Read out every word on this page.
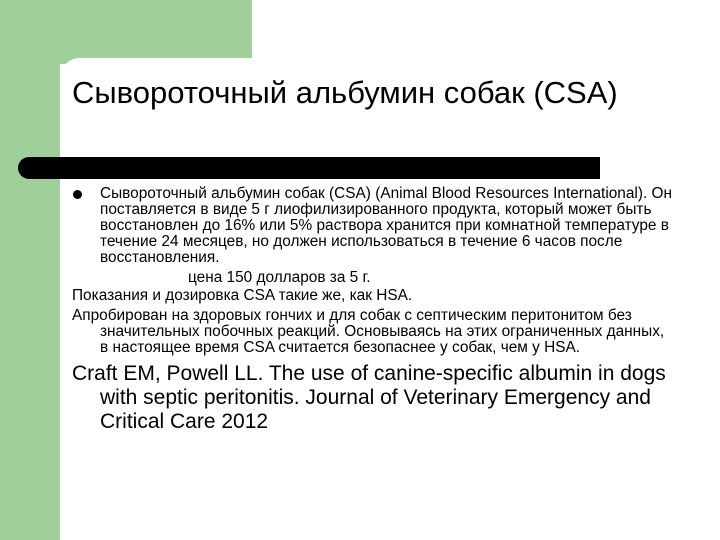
Сывороточный альбумин собак (CSA)

Сывороточный альбумин собак (CSA) (Animal Blood Resources International). Он поставляется в виде 5 г лиофилизированного продукта, который может быть восстановлен до 16% или 5% раствора хранится при комнатной температуре в течение 24 месяцев, но должен использоваться в течение 6 часов после восстановления.

цена 150 долларов за 5 г.

Показания и дозировка CSA такие же, как HSA.

Апробирован на здоровых гончих и для собак с септическим перитонитом без значительных побочных реакций. Основываясь на этих ограниченных данных, в настоящее время CSA считается безопаснее у собак, чем у HSA.

Craft EM, Powell LL. The use of canine-specific albumin in dogs with septic peritonitis. Journal of Veterinary Emergency and Critical Care 2012
